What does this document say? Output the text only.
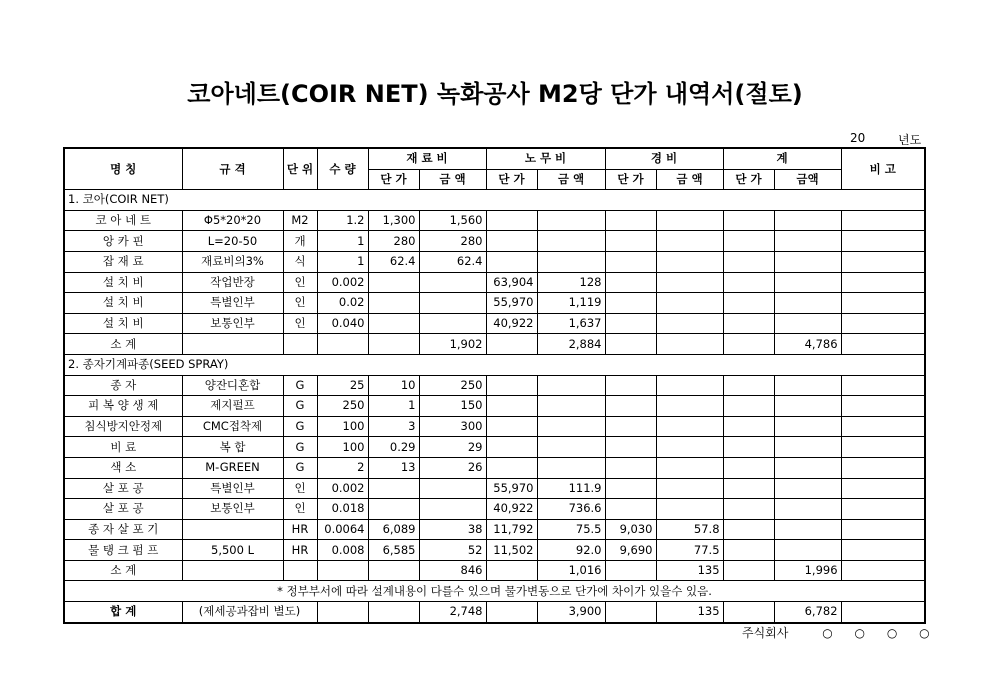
코아네트(COIR NET) 녹화공사 M2당 단가 내역서(절토)
20	년도
명 칭	규 격	단 위	수 량	재 료 비		노 무 비		경 비		계		비 고
				단 가	금 액	단 가	금 액	단 가	금 액	단 가	금액	
1. 코아(COIR NET)												
코 아 네 트	Φ5*20*20	M2	1.2	1,300	1,560							
앙 카 핀	L=20-50	개	1	280	280							
잡 재 료	재료비의3%	식	1	62.4	62.4							
설 치 비	작업반장	인	0.002			63,904	128					
설 치 비	특별인부	인	0.02			55,970	1,119					
설 치 비	보통인부	인	0.040			40,922	1,637					
소 계					1,902		2,884				4,786	
2. 종자기계파종(SEED SPRAY)												
종 자	양잔디혼합	G	25	10	250							
피 복 양 생 제	제지펄프	G	250	1	150							
침식방지안정제	CMC접착제	G	100	3	300							
비 료	복 합	G	100	0.29	29							
색 소	M-GREEN	G	2	13	26							
살 포 공	특별인부	인	0.002			55,970	111.9					
살 포 공	보통인부	인	0.018			40,922	736.6					
종 자 살 포 기		HR	0.0064	6,089	38	11,792	75.5	9,030	57.8			
물 탱 크 펌 프	5,500 L	HR	0.008	6,585	52	11,502	92.0	9,690	77.5			
소 계					846		1,016		135		1,996	
* 정부부서에 따라 설계내용이 다를수 있으며 물가변동으로 단가에 차이가 있을수 있음.												
합 계	(제세공과잡비 별도)				2,748		3,900		135		6,782	
주식회사	○ ○ ○ ○
